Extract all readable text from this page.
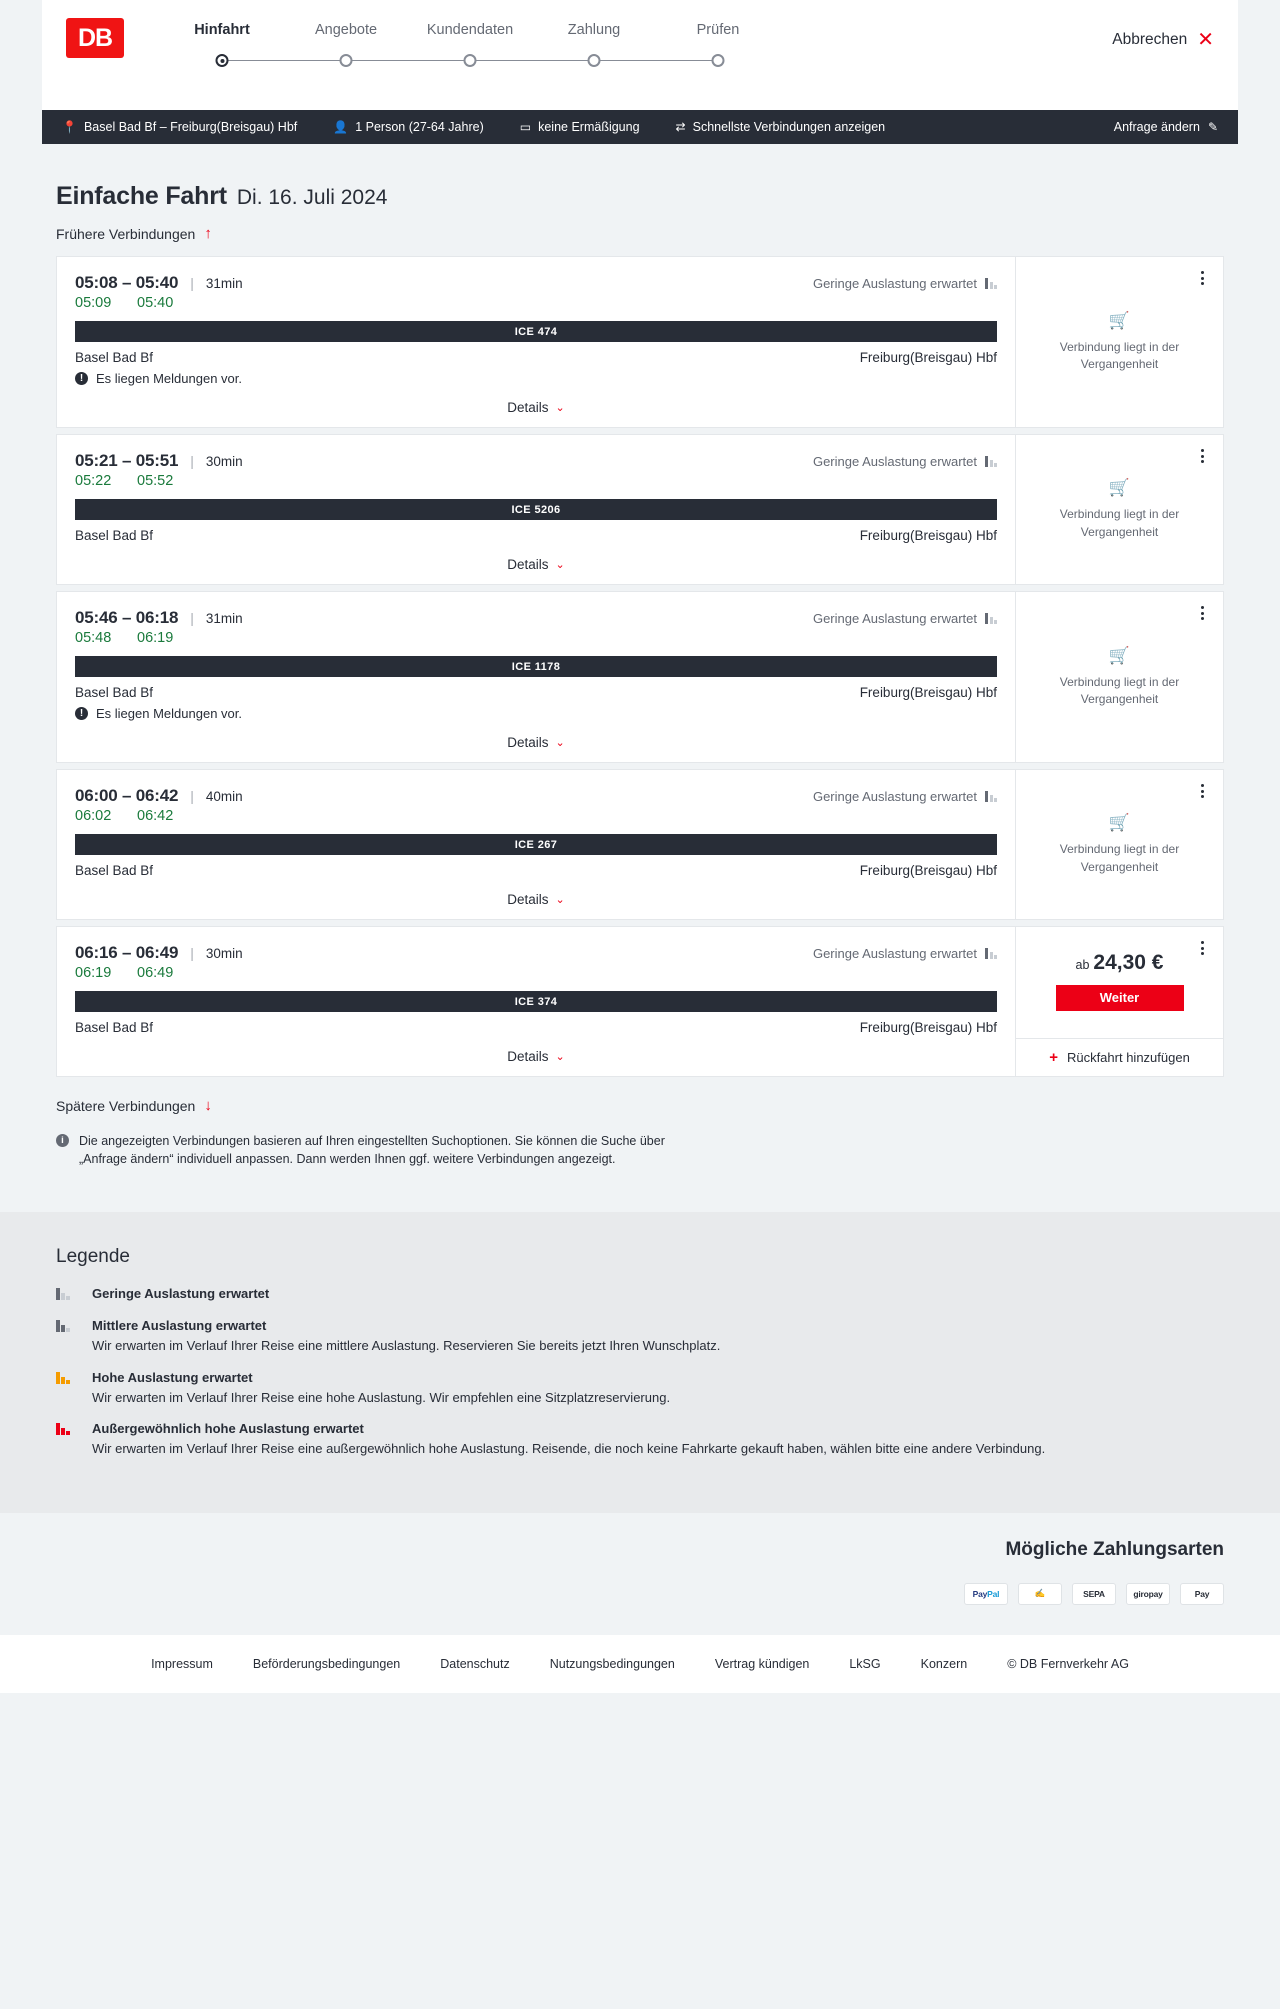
DB	Hinfahrt	Angebote	Kundendaten	Zahlung	Prüfen
Abbrechen ✕
📍 Basel Bad Bf – Freiburg(Breisgau) Hbf	👤 1 Person (27-64 Jahre)	▭ keine Ermäßigung	⇄ Schnellste Verbindungen anzeigen	Anfrage ändern ✎
Einfache Fahrt Di. 16. Juli 2024
Frühere Verbindungen ↑
05:08 – 05:40 | 31min	Geringe Auslastung erwartet
05:09	05:40
ICE 474
Basel Bad Bf	Freiburg(Breisgau) Hbf
! Es liegen Meldungen vor.
Details ⌄
🛒
Verbindung liegt in der Vergangenheit
05:21 – 05:51 | 30min	Geringe Auslastung erwartet
05:22	05:52
ICE 5206
Basel Bad Bf	Freiburg(Breisgau) Hbf
Details ⌄
🛒
Verbindung liegt in der Vergangenheit
05:46 – 06:18 | 31min	Geringe Auslastung erwartet
05:48	06:19
ICE 1178
Basel Bad Bf	Freiburg(Breisgau) Hbf
! Es liegen Meldungen vor.
Details ⌄
🛒
Verbindung liegt in der Vergangenheit
06:00 – 06:42 | 40min	Geringe Auslastung erwartet
06:02	06:42
ICE 267
Basel Bad Bf	Freiburg(Breisgau) Hbf
Details ⌄
🛒
Verbindung liegt in der Vergangenheit
06:16 – 06:49 | 30min	Geringe Auslastung erwartet
06:19	06:49
ICE 374
Basel Bad Bf	Freiburg(Breisgau) Hbf
Details ⌄
ab 24,30 €
Weiter
+ Rückfahrt hinzufügen
Spätere Verbindungen ↓
i	Die angezeigten Verbindungen basieren auf Ihren eingestellten Suchoptionen. Sie können die Suche über „Anfrage ändern“ individuell anpassen. Dann werden Ihnen ggf. weitere Verbindungen angezeigt.
Legende
Geringe Auslastung erwartet
Mittlere Auslastung erwartet
Wir erwarten im Verlauf Ihrer Reise eine mittlere Auslastung. Reservieren Sie bereits jetzt Ihren Wunschplatz.
Hohe Auslastung erwartet
Wir erwarten im Verlauf Ihrer Reise eine hohe Auslastung. Wir empfehlen eine Sitzplatzreservierung.
Außergewöhnlich hohe Auslastung erwartet
Wir erwarten im Verlauf Ihrer Reise eine außergewöhnlich hohe Auslastung. Reisende, die noch keine Fahrkarte gekauft haben, wählen bitte eine andere Verbindung.
Mögliche Zahlungsarten
Pay Pal	✍	SEPA	giropay	Pay
Impressum	Beförderungsbedingungen	Datenschutz	Nutzungsbedingungen	Vertrag kündigen	LkSG	Konzern	© DB Fernverkehr AG
